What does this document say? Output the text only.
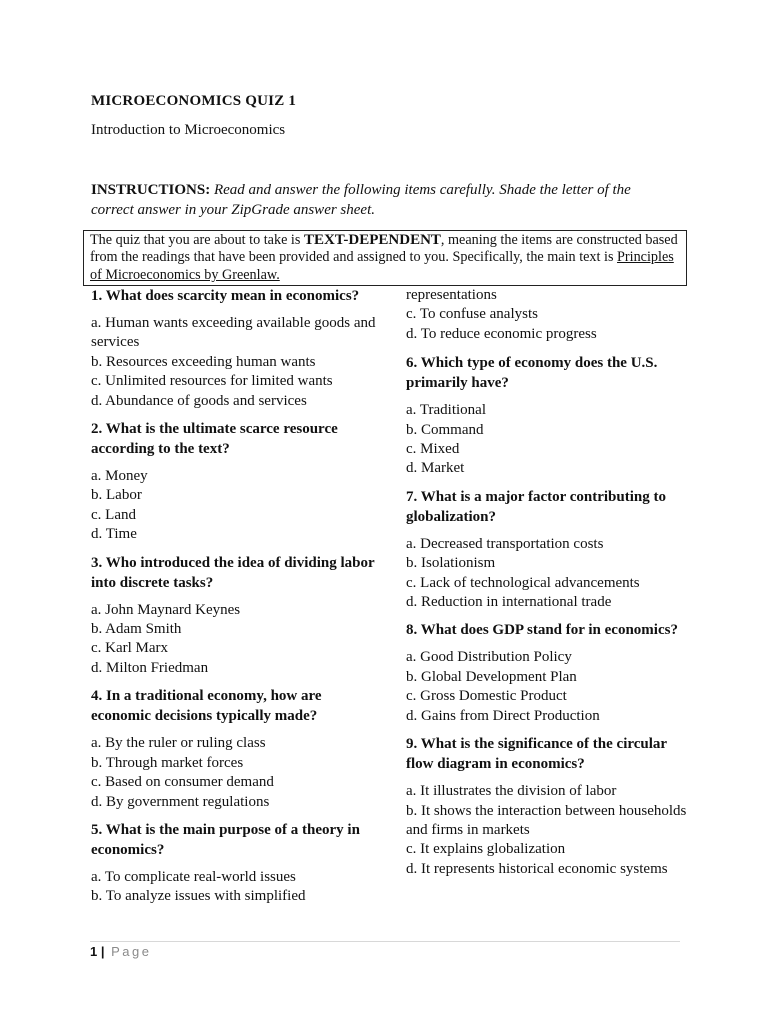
MICROECONOMICS QUIZ 1
Introduction to Microeconomics
INSTRUCTIONS: Read and answer the following items carefully. Shade the letter of the correct answer in your ZipGrade answer sheet.
The quiz that you are about to take is TEXT-DEPENDENT, meaning the items are constructed based from the readings that have been provided and assigned to you. Specifically, the main text is Principles of Microeconomics by Greenlaw.

1. What does scarcity mean in economics?

a. Human wants exceeding available goods and services
b. Resources exceeding human wants
c. Unlimited resources for limited wants
d. Abundance of goods and services

2. What is the ultimate scarce resource according to the text?

a. Money
b. Labor
c. Land
d. Time

3. Who introduced the idea of dividing labor into discrete tasks?

a. John Maynard Keynes
b. Adam Smith
c. Karl Marx
d. Milton Friedman

4. In a traditional economy, how are economic decisions typically made?

a. By the ruler or ruling class
b. Through market forces
c. Based on consumer demand
d. By government regulations

5. What is the main purpose of a theory in economics?

a. To complicate real-world issues
b. To analyze issues with simplified
representations
c. To confuse analysts
d. To reduce economic progress

6. Which type of economy does the U.S. primarily have?

a. Traditional
b. Command
c. Mixed
d. Market

7. What is a major factor contributing to globalization?

a. Decreased transportation costs
b. Isolationism
c. Lack of technological advancements
d. Reduction in international trade

8. What does GDP stand for in economics?

a. Good Distribution Policy
b. Global Development Plan
c. Gross Domestic Product
d. Gains from Direct Production

9. What is the significance of the circular flow diagram in economics?

a. It illustrates the division of labor
b. It shows the interaction between households and firms in markets
c. It explains globalization
d. It represents historical economic systems
1 | Page
